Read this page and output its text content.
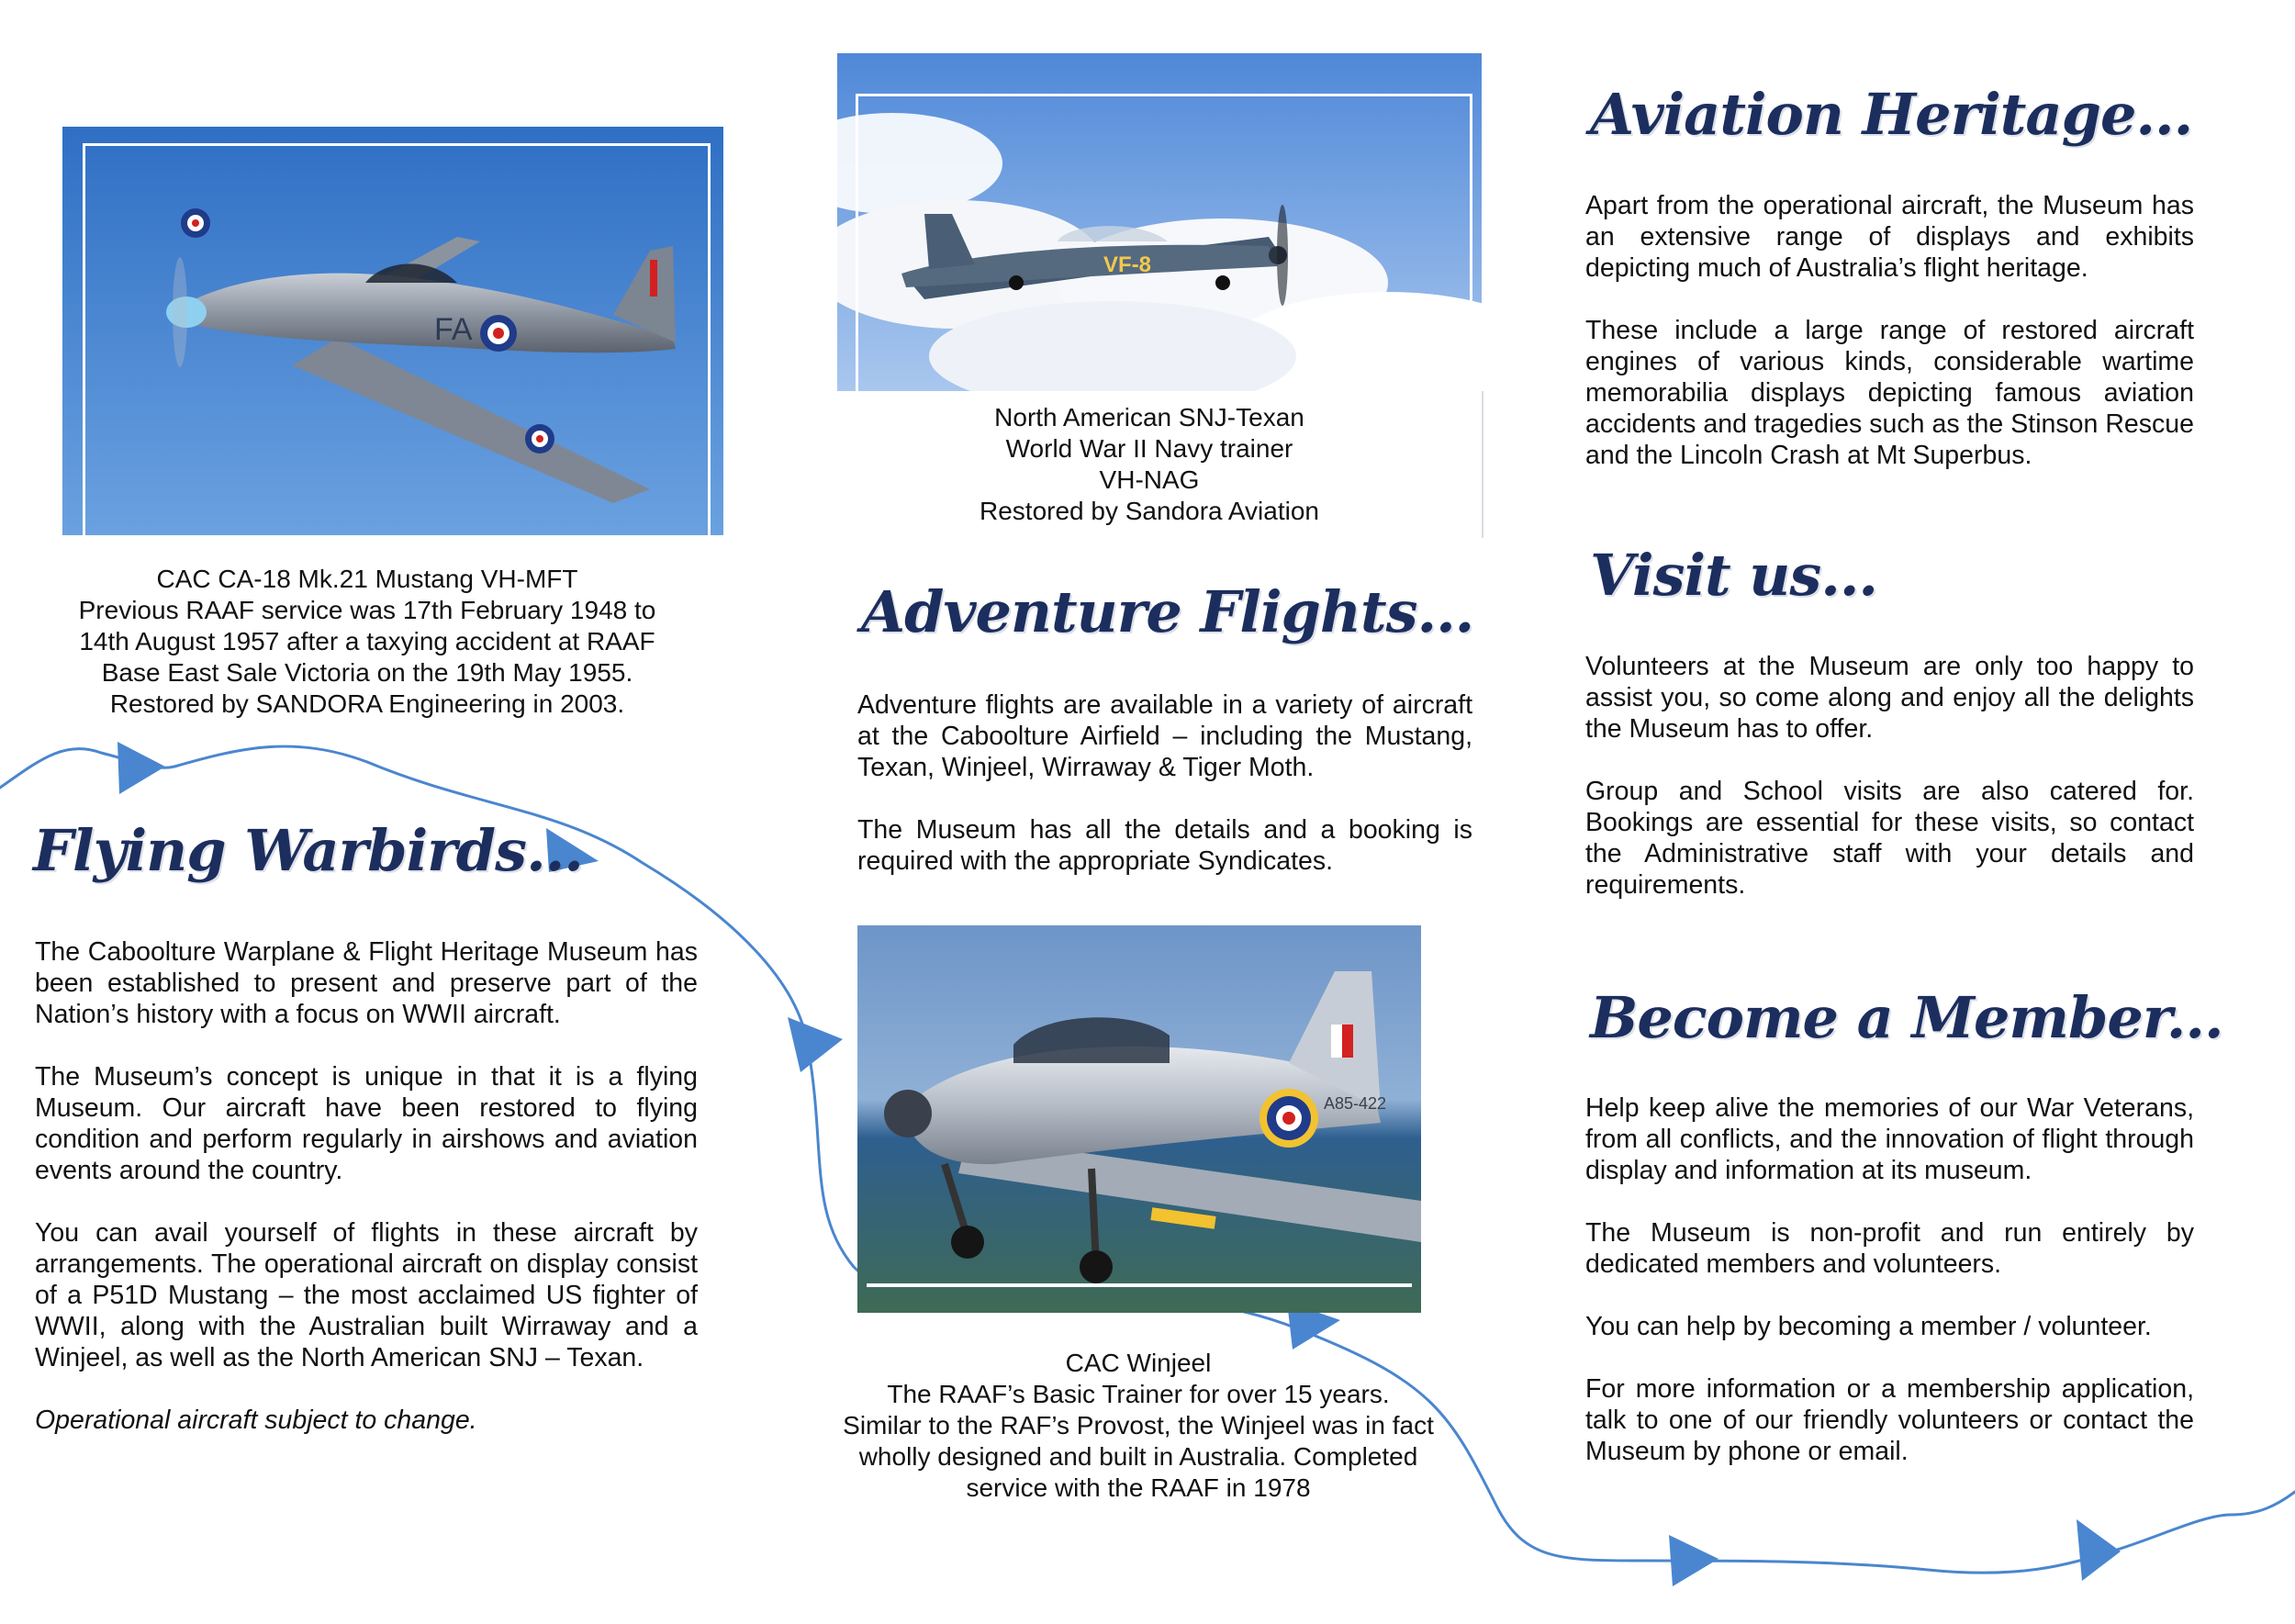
FA

CAC CA-18 Mk.21 Mustang VH-MFT

Previous RAAF service was 17th February 1948 to

14th August 1957 after a taxying accident at RAAF

Base East Sale Victoria on the 19th May 1955.

Restored by SANDORA Engineering in 2003.

VF-8

North American SNJ-Texan

World War II Navy trainer

VH-NAG

Restored by Sandora Aviation

A85-422

CAC Winjeel

The RAAF’s Basic Trainer for over 15 years.

Similar to the RAF’s Provost, the Winjeel was in fact

wholly designed and built in Australia. Completed

service with the RAAF in 1978

Flying Warbirds...

The Caboolture Warplane & Flight Heritage Museum has been established to present and preserve part of the Nation’s history with a focus on WWII aircraft.

The Museum’s concept is unique in that it is a flying Museum. Our aircraft have been restored to flying condition and perform regularly in airshows and aviation events around the country.

You can avail yourself of flights in these aircraft by arrangements. The operational aircraft on display consist of a P51D Mustang – the most acclaimed US fighter of WWII, along with the Australian built Wirraway and a Winjeel, as well as the North American SNJ – Texan.

Operational aircraft subject to change.

Adventure Flights...

Adventure flights are available in a variety of aircraft at the Caboolture Airfield – including the Mustang, Texan, Winjeel, Wirraway & Tiger Moth.

The Museum has all the details and a booking is required with the appropriate Syndicates.

Aviation Heritage...

Apart from the operational aircraft, the Museum has an extensive range of displays and exhibits depicting much of Australia’s flight heritage.

These include a large range of restored aircraft engines of various kinds, considerable wartime memorabilia displays depicting famous aviation accidents and tragedies such as the Stinson Rescue and the Lincoln Crash at Mt Superbus.

Visit us...

Volunteers at the Museum are only too happy to assist you, so come along and enjoy all the delights the Museum has to offer.

Group and School visits are also catered for. Bookings are essential for these visits, so contact the Administrative staff with your details and requirements.

Become a Member...

Help keep alive the memories of our War Veterans, from all conflicts, and the innovation of flight through display and information at its museum.

The Museum is non-profit and run entirely by dedicated members and volunteers.

You can help by becoming a member / volunteer.

For more information or a membership application, talk to one of our friendly volunteers or contact the Museum by phone or email.
